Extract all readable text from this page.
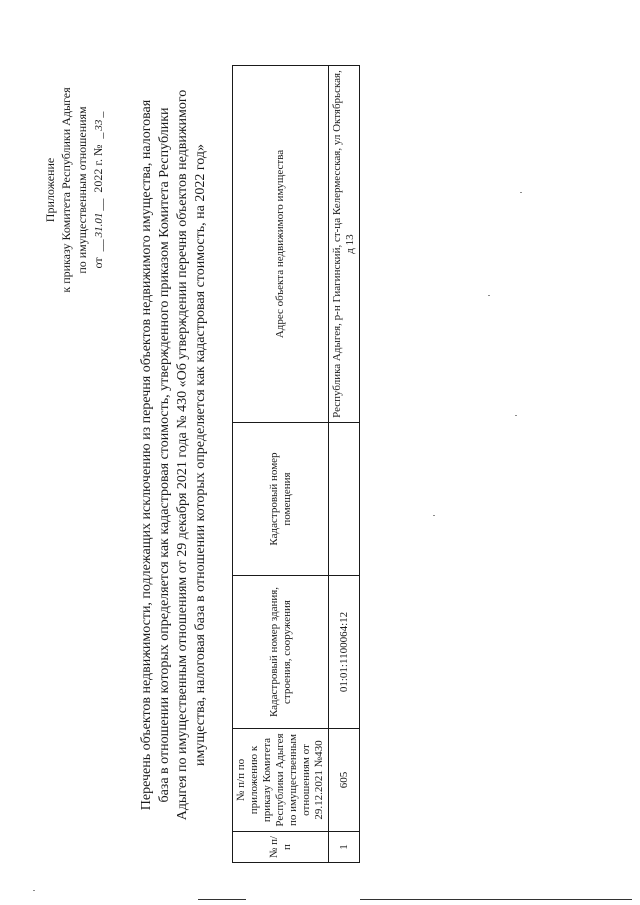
Приложение к приказу Комитета Республики Адыгея по имущественным отношениям от  __31.01__  2022 г. №  _33_ Перечень объектов недвижимости, подлежащих исключению из перечня объектов недвижимого имущества, налоговая база в отношении которых определяется как кадастровая стоимость, утвержденного приказом Комитета Республики Адыгея по имущественным отношениям от 29 декабря 2021 года № 430 «Об утверждении перечня объектов недвижимого имущества, налоговая база в отношении которых определяется как кадастровая стоимость, на 2022 год»
№ п/п	№ п/п по приложению к приказу Комитета Республики Адыгея по имущественным отношениям от 29.12.2021 №430	Кадастровый номер здания, строения, сооружения	Кадастровый номер помещения	Адрес объекта недвижимого имущества
1	605	01:01:1100064:12		Республика Адыгея, р-н Гиагинский, ст-ца Келермесская, ул Октябрьская, д 13
